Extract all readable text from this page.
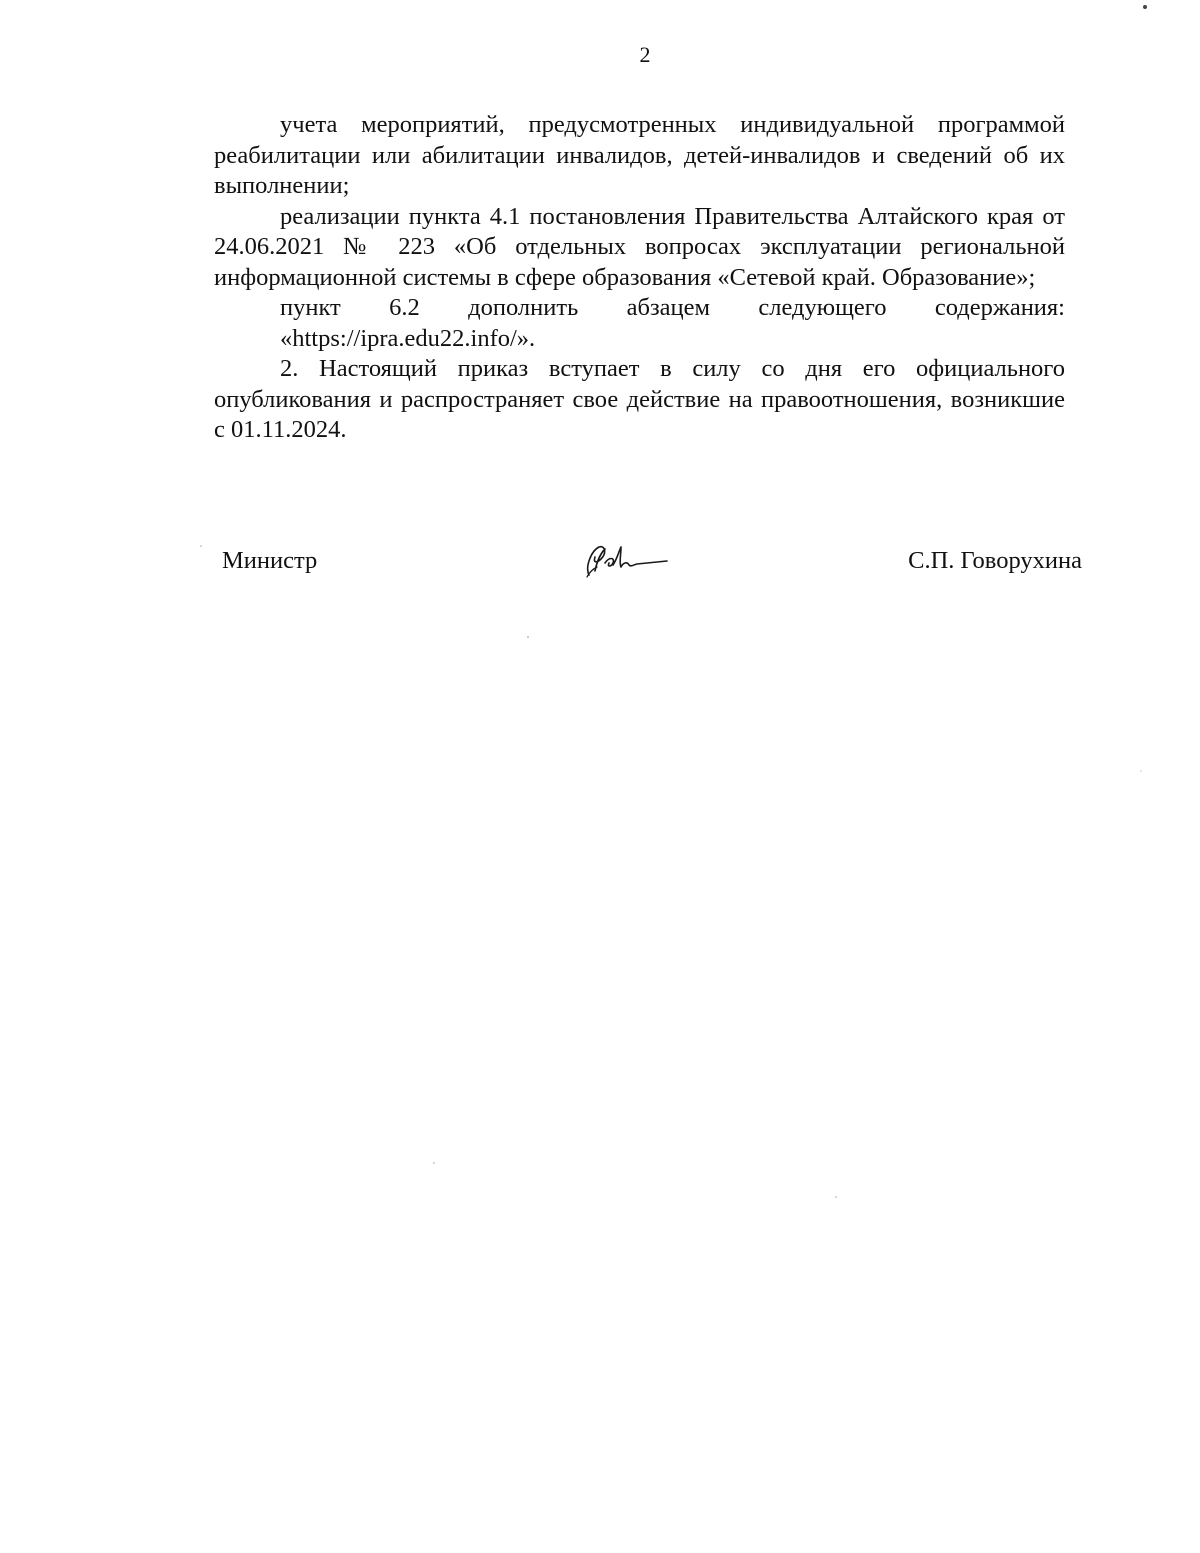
2

учета мероприятий, предусмотренных индивидуальной программой реабилитации или абилитации инвалидов, детей-инвалидов и сведений об их выполнении;

реализации пункта 4.1 постановления Правительства Алтайского края от 24.06.2021 № 223 «Об отдельных вопросах эксплуатации региональной информационной системы в сфере образования «Сетевой край. Образование»;

пункт 6.2 дополнить абзацем следующего содержания:

«https://ipra.edu22.info/».

2. Настоящий приказ вступает в силу со дня его официального опубликования и распространяет свое действие на правоотношения, возникшие с 01.11.2024.

Министр	С.П. Говорухина
